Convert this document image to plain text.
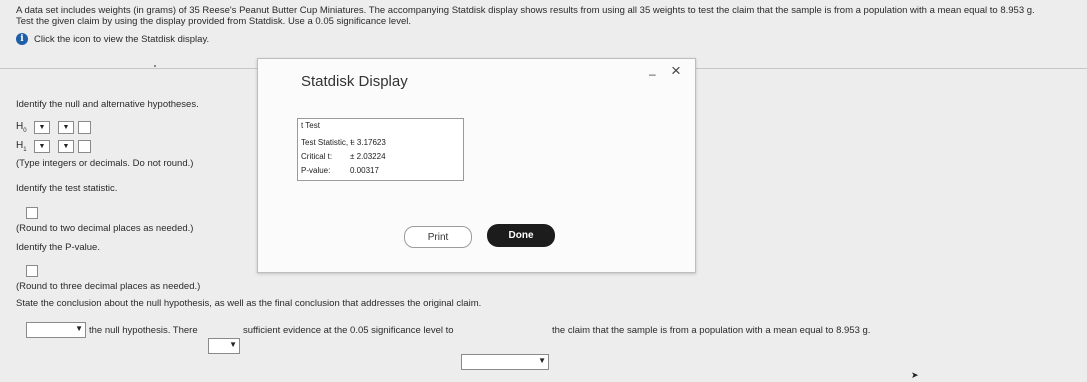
A data set includes weights (in grams) of 35 Reese's Peanut Butter Cup Miniatures. The accompanying Statdisk display shows results from using all 35 weights to test the claim that the sample is from a population with a mean equal to 8.953 g.
Test the given claim by using the display provided from Statdisk. Use a 0.05 significance level.
i	Click the icon to view the Statdisk display.
Identify the null and alternative hypotheses.
$H_0$	▼ ▼
$H_1$	▼ ▼
(Type integers or decimals. Do not round.)
Identify the test statistic.
(Round to two decimal places as needed.)
Identify the P-value.
(Round to three decimal places as needed.)
State the conclusion about the null hypothesis, as well as the final conclusion that addresses the original claim.
▼ the null hypothesis. There
▼
sufficient evidence at the 0.05 significance level to
▼
the claim that the sample is from a population with a mean equal to 8.953 g.
Statdisk Display	– ×
t Test
Test Statistic, t:
− 3.17623
Critical t: ± 2.03224
P-value: 0.00317
Print	Done
➤
